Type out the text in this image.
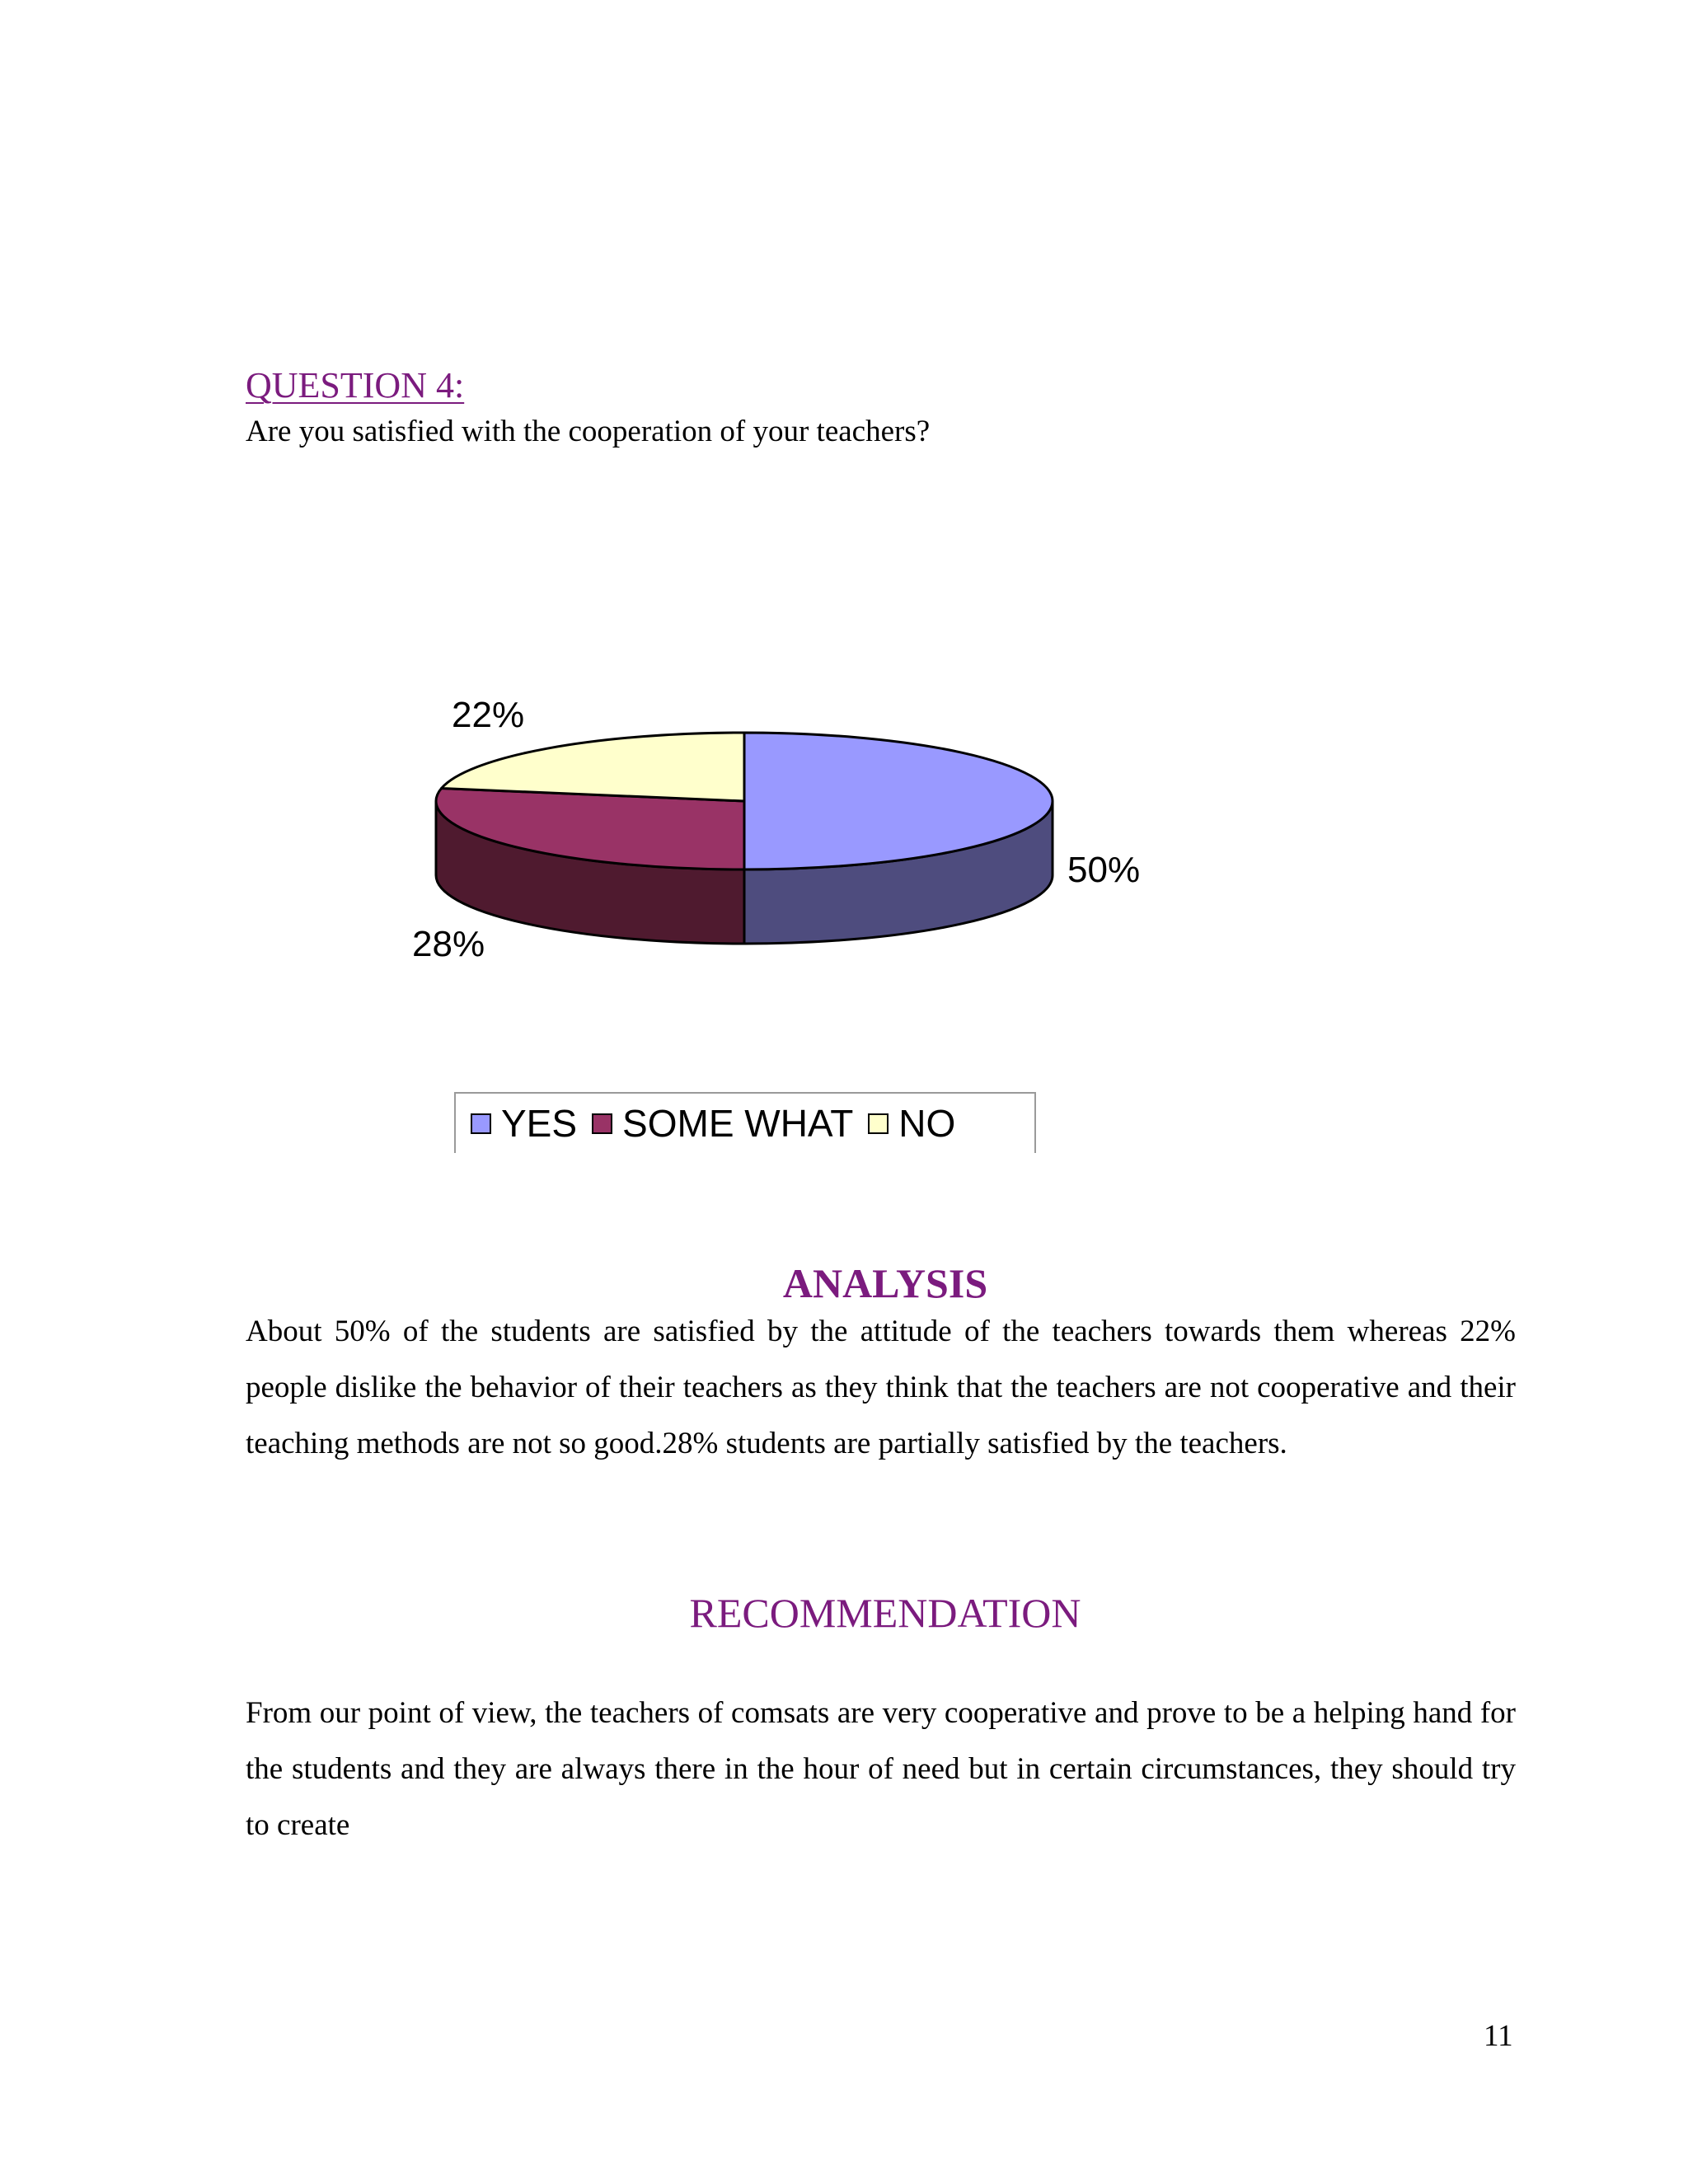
QUESTION 4:
Are you satisfied with the cooperation of your teachers?
50%
28%
22%
YES SOME WHAT NO
ANALYSIS
About 50% of the students are satisfied by the attitude of the teachers towards them whereas 22% people dislike the behavior of their teachers as they think that the teachers are not cooperative and their teaching methods are not so good.28% students are partially satisfied by the teachers.
RECOMMENDATION
From our point of view, the teachers of comsats are very cooperative and prove to be a helping hand for the students and they are always there in the hour of need but in certain circumstances, they should try to create
11
